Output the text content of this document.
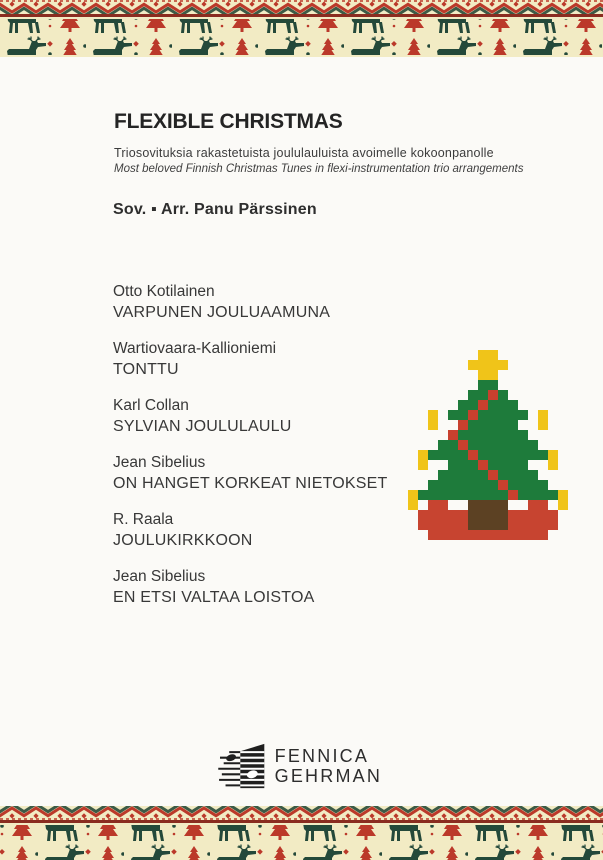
FLEXIBLE CHRISTMAS
Triosovituksia rakastetuista joululauluista avoimelle kokoonpanolle
Most beloved Finnish Christmas Tunes in flexi-instrumentation trio arrangements
Sov. ▪ Arr. Panu Pärssinen
Otto Kotilainen
VARPUNEN JOULUAAMUNA
Wartiovaara-Kallioniemi
TONTTU
Karl Collan
SYLVIAN JOULULAULU
Jean Sibelius
ON HANGET KORKEAT NIETOKSET
R. Raala
JOULUKIRKKOON
Jean Sibelius
EN ETSI VALTAA LOISTOA
FENNICA
GEHRMAN
